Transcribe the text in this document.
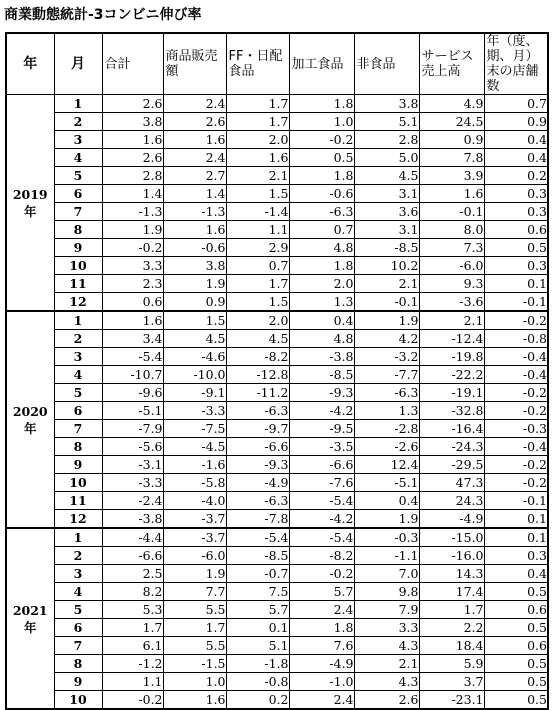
商業動態統計-3コンビニ伸び率
年	月	合計	商品販売額	FF・日配食品	加工食品	非食品	サービス売上高	年（度、期、月）末の店舗数
2019年	1	2.6	2.4	1.7	1.8	3.8	4.9	0.7
	2	3.8	2.6	1.7	1.0	5.1	24.5	0.9
	3	1.6	1.6	2.0	-0.2	2.8	0.9	0.4
	4	2.6	2.4	1.6	0.5	5.0	7.8	0.4
	5	2.8	2.7	2.1	1.8	4.5	3.9	0.2
	6	1.4	1.4	1.5	-0.6	3.1	1.6	0.3
	7	-1.3	-1.3	-1.4	-6.3	3.6	-0.1	0.3
	8	1.9	1.6	1.1	0.7	3.1	8.0	0.6
	9	-0.2	-0.6	2.9	4.8	-8.5	7.3	0.5
	10	3.3	3.8	0.7	1.8	10.2	-6.0	0.3
	11	2.3	1.9	1.7	2.0	2.1	9.3	0.1
	12	0.6	0.9	1.5	1.3	-0.1	-3.6	-0.1
2020年	1	1.6	1.5	2.0	0.4	1.9	2.1	-0.2
	2	3.4	4.5	4.5	4.8	4.2	-12.4	-0.8
	3	-5.4	-4.6	-8.2	-3.8	-3.2	-19.8	-0.4
	4	-10.7	-10.0	-12.8	-8.5	-7.7	-22.2	-0.4
	5	-9.6	-9.1	-11.2	-9.3	-6.3	-19.1	-0.2
	6	-5.1	-3.3	-6.3	-4.2	1.3	-32.8	-0.2
	7	-7.9	-7.5	-9.7	-9.5	-2.8	-16.4	-0.3
	8	-5.6	-4.5	-6.6	-3.5	-2.6	-24.3	-0.4
	9	-3.1	-1.6	-9.3	-6.6	12.4	-29.5	-0.2
	10	-3.3	-5.8	-4.9	-7.6	-5.1	47.3	-0.2
	11	-2.4	-4.0	-6.3	-5.4	0.4	24.3	-0.1
	12	-3.8	-3.7	-7.8	-4.2	1.9	-4.9	0.1
2021年	1	-4.4	-3.7	-5.4	-5.4	-0.3	-15.0	0.1
	2	-6.6	-6.0	-8.5	-8.2	-1.1	-16.0	0.3
	3	2.5	1.9	-0.7	-0.2	7.0	14.3	0.4
	4	8.2	7.7	7.5	5.7	9.8	17.4	0.5
	5	5.3	5.5	5.7	2.4	7.9	1.7	0.6
	6	1.7	1.7	0.1	1.8	3.3	2.2	0.5
	7	6.1	5.5	5.1	7.6	4.3	18.4	0.6
	8	-1.2	-1.5	-1.8	-4.9	2.1	5.9	0.5
	9	1.1	1.0	-0.8	-1.0	4.3	3.7	0.5
	10	-0.2	1.6	0.2	2.4	2.6	-23.1	0.5
